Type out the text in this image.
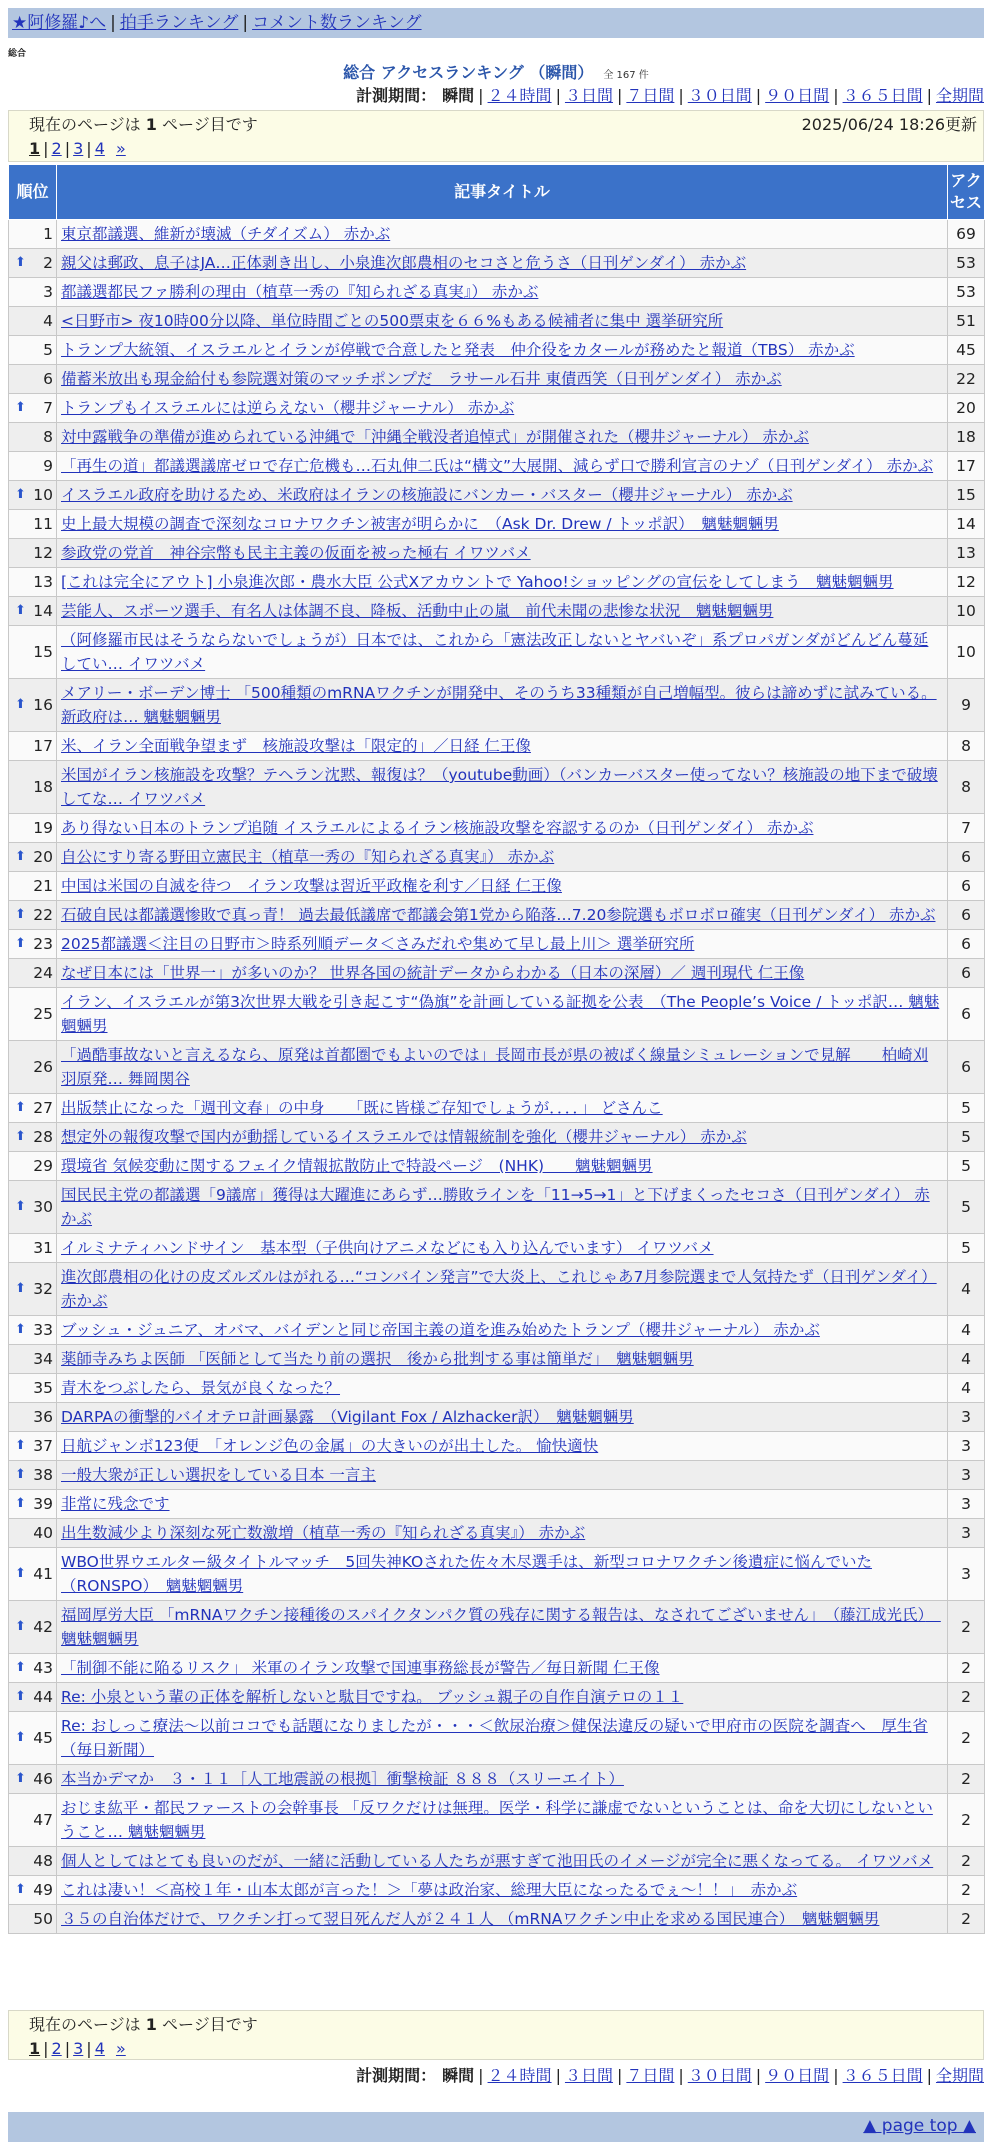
★阿修羅♪へ | 拍手ランキング | コメント数ランキング
総合
総合 アクセスランキング （瞬間） 全 167 件
計測期間： 瞬間 | ２４時間 | ３日間 | ７日間 | ３０日間 | ９０日間 | ３６５日間 | 全期間
現在のページは 1 ページ目です	2025/06/24 18:26更新
1 | 2 | 3 | 4 »
順位	記事タイトル	アクセス
1	東京都議選、維新が壊滅（チダイズム） 赤かぶ	69

⬆ 2	親父は郵政、息子はJA…正体剥き出し、小泉進次郎農相のセコさと危うさ（日刊ゲンダイ） 赤かぶ	53
3	都議選都民ファ勝利の理由（植草一秀の『知られざる真実』） 赤かぶ	53
4	<日野市> 夜10時00分以降、単位時間ごとの500票束を６６%もある候補者に集中 選挙研究所	51
5	トランプ大統領、イスラエルとイランが停戦で合意したと発表　仲介役をカタールが務めたと報道（TBS） 赤かぶ	45
6	備蓄米放出も現金給付も参院選対策のマッチポンプだ　ラサール石井 東債西笑（日刊ゲンダイ） 赤かぶ	22

⬆ 7	トランプもイスラエルには逆らえない（櫻井ジャーナル） 赤かぶ	20
8	対中露戦争の準備が進められている沖縄で「沖縄全戦没者追悼式」が開催された（櫻井ジャーナル） 赤かぶ	18
9	「再生の道」都議選議席ゼロで存亡危機も…石丸伸二氏は“構文”大展開、減らず口で勝利宣言のナゾ（日刊ゲンダイ） 赤かぶ	17

⬆ 10	イスラエル政府を助けるため、米政府はイランの核施設にバンカー・バスター（櫻井ジャーナル） 赤かぶ	15
11	史上最大規模の調査で深刻なコロナワクチン被害が明らかに　（Ask Dr. Drew / トッポ訳）　魑魅魍魎男	14
12	参政党の党首　神谷宗幣も民主主義の仮面を被った極右 イワツバメ	13
13	[これは完全にアウト] 小泉進次郎・農水大臣 公式Xアカウントで Yahoo!ショッピングの宣伝をしてしまう　魑魅魍魎男	12

⬆ 14	芸能人、スポーツ選手、有名人は体調不良、降板、活動中止の嵐　前代未聞の悲惨な状況　魑魅魍魎男	10
15	（阿修羅市民はそうならないでしょうが）日本では、これから「憲法改正しないとヤバいぞ」系プロパガンダがどんどん蔓延してい… イワツバメ	10

⬆ 16	メアリー・ボーデン博士 「500種類のmRNAワクチンが開発中、そのうち33種類が自己増幅型。彼らは諦めずに試みている。新政府は… 魑魅魍魎男	9
17	米、イラン全面戦争望まず　核施設攻撃は「限定的」／日経 仁王像	8
18	米国がイラン核施設を攻撃？テヘラン沈黙、報復は？（youtube動画）（バンカーバスター使ってない？核施設の地下まで破壊してな… イワツバメ	8
19	あり得ない日本のトランプ追随 イスラエルによるイラン核施設攻撃を容認するのか（日刊ゲンダイ） 赤かぶ	7

⬆ 20	自公にすり寄る野田立憲民主（植草一秀の『知られざる真実』） 赤かぶ	6
21	中国は米国の自滅を待つ　イラン攻撃は習近平政権を利す／日経 仁王像	6

⬆ 22	石破自民は都議選惨敗で真っ青！ 過去最低議席で都議会第1党から陥落…7.20参院選もボロボロ確実（日刊ゲンダイ） 赤かぶ	6

⬆ 23	2025都議選＜注目の日野市＞時系列順データ＜さみだれや集めて早し最上川＞ 選挙研究所	6
24	なぜ日本には「世界一」が多いのか？ 世界各国の統計データからわかる（日本の深層）／ 週刊現代 仁王像	6
25	イラン、イスラエルが第3次世界大戦を引き起こす“偽旗”を計画している証拠を公表　（The People’s Voice / トッポ訳… 魑魅魍魎男	6
26	「過酷事故ないと言えるなら、原発は首都圏でもよいのでは」長岡市長が県の被ばく線量シミュレーションで見解　　柏崎刈羽原発… 舞岡関谷	6

⬆ 27	出版禁止になった「週刊文春」の中身　　「既に皆様ご存知でしょうが．．．．」 どさんこ	5

⬆ 28	想定外の報復攻撃で国内が動揺しているイスラエルでは情報統制を強化（櫻井ジャーナル） 赤かぶ	5
29	環境省 気候変動に関するフェイク情報拡散防止で特設ページ　(NHK)　　魑魅魍魎男	5

⬆ 30	国民民主党の都議選「9議席」獲得は大躍進にあらず…勝敗ラインを「11→5→1」と下げまくったセコさ（日刊ゲンダイ） 赤かぶ	5
31	イルミナティハンドサイン　基本型（子供向けアニメなどにも入り込んでいます） イワツバメ	5

⬆ 32	進次郎農相の化けの皮ズルズルはがれる…“コンバイン発言”で大炎上、これじゃあ7月参院選まで人気持たず（日刊ゲンダイ） 赤かぶ	4

⬆ 33	ブッシュ・ジュニア、オバマ、バイデンと同じ帝国主義の道を進み始めたトランプ（櫻井ジャーナル） 赤かぶ	4
34	薬師寺みちよ医師 「医師として当たり前の選択　後から批判する事は簡単だ」　魑魅魍魎男	4
35	青木をつぶしたら、景気が良くなった？	4
36	DARPAの衝撃的バイオテロ計画暴露　（Vigilant Fox / Alzhacker訳）　魑魅魍魎男	3

⬆ 37	日航ジャンボ123便　「オレンジ色の金属」の大きいのが出土した。 愉快適快	3

⬆ 38	一般大衆が正しい選択をしている日本 一言主	3

⬆ 39	非常に残念です	3
40	出生数減少より深刻な死亡数激増（植草一秀の『知られざる真実』） 赤かぶ	3

⬆ 41	WBO世界ウエルター級タイトルマッチ　5回失神KOされた佐々木尽選手は、新型コロナワクチン後遺症に悩んでいた（RONSPO）　魑魅魍魎男	3

⬆ 42	福岡厚労大臣 「mRNAワクチン接種後のスパイクタンパク質の残存に関する報告は、なされてございません」　（藤江成光氏）　魑魅魍魎男	2

⬆ 43	「制御不能に陥るリスク」 米軍のイラン攻撃で国連事務総長が警告／毎日新聞 仁王像	2

⬆ 44	Re: 小泉という輩の正体を解析しないと駄目ですね。 ブッシュ親子の自作自演テロの１１	2

⬆ 45	Re: おしっこ療法～以前ココでも話題になりましたが・・・＜飲尿治療＞健保法違反の疑いで甲府市の医院を調査へ　厚生省（毎日新聞）	2

⬆ 46	本当かデマか　３・１１［人工地震説の根拠］衝撃検証 ８８８（スリーエイト）	2
47	おじま紘平・都民ファーストの会幹事長 「反ワクだけは無理。医学・科学に謙虚でないということは、命を大切にしないということ… 魑魅魍魎男	2
48	個人としてはとても良いのだが、一緒に活動している人たちが悪すぎて池田氏のイメージが完全に悪くなってる。 イワツバメ	2

⬆ 49	これは凄い！＜高校１年・山本太郎が言った！＞「夢は政治家、総理大臣になったるでぇ～！！」　赤かぶ	2
50	３５の自治体だけで、ワクチン打って翌日死んだ人が２４１人 （mRNAワクチン中止を求める国民連合）　魑魅魍魎男	2
現在のページは 1 ページ目です
1 | 2 | 3 | 4 »
計測期間： 瞬間 | ２４時間 | ３日間 | ７日間 | ３０日間 | ９０日間 | ３６５日間 | 全期間
▲ page top ▲
